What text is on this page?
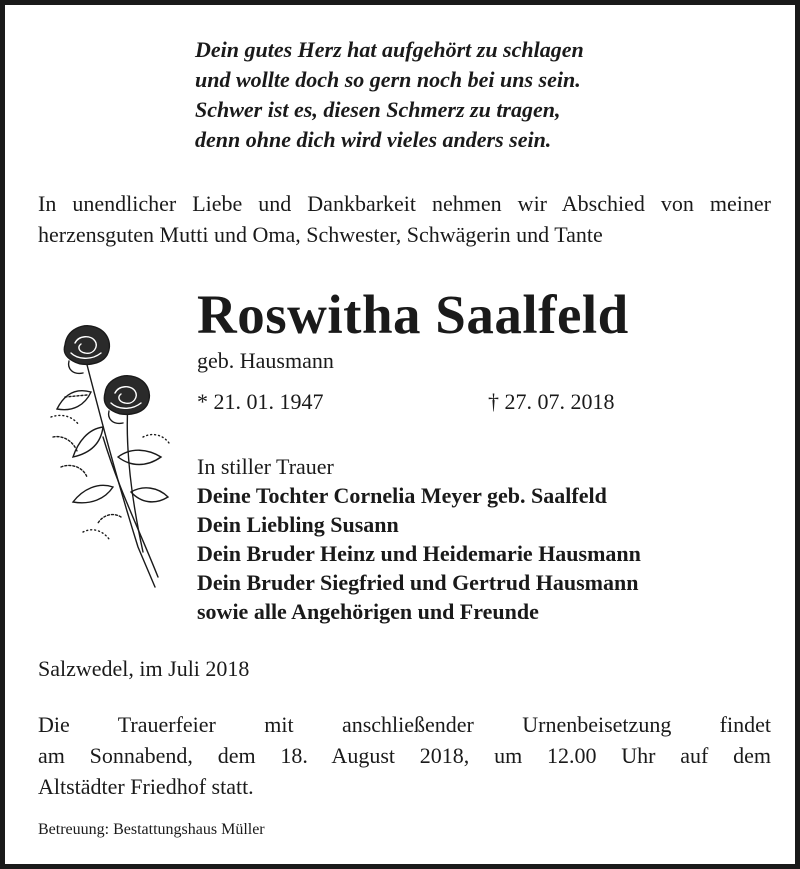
Dein gutes Herz hat aufgehört zu schlagen
und wollte doch so gern noch bei uns sein.
Schwer ist es, diesen Schmerz zu tragen,
denn ohne dich wird vieles anders sein.
In unendlicher Liebe und Dankbarkeit nehmen wir Abschied von meiner herzensguten Mutti und Oma, Schwester, Schwägerin und Tante
Roswitha Saalfeld
geb. Hausmann
* 21. 01. 1947	† 27. 07. 2018
In stiller Trauer
Deine Tochter Cornelia Meyer geb. Saalfeld
Dein Liebling Susann
Dein Bruder Heinz und Heidemarie Hausmann
Dein Bruder Siegfried und Gertrud Hausmann
sowie alle Angehörigen und Freunde
Salzwedel, im Juli 2018
Die Trauerfeier mit anschließender Urnenbeisetzung findet
am Sonnabend, dem 18. August 2018, um 12.00 Uhr auf dem
Altstädter Friedhof statt.
Betreuung: Bestattungshaus Müller
